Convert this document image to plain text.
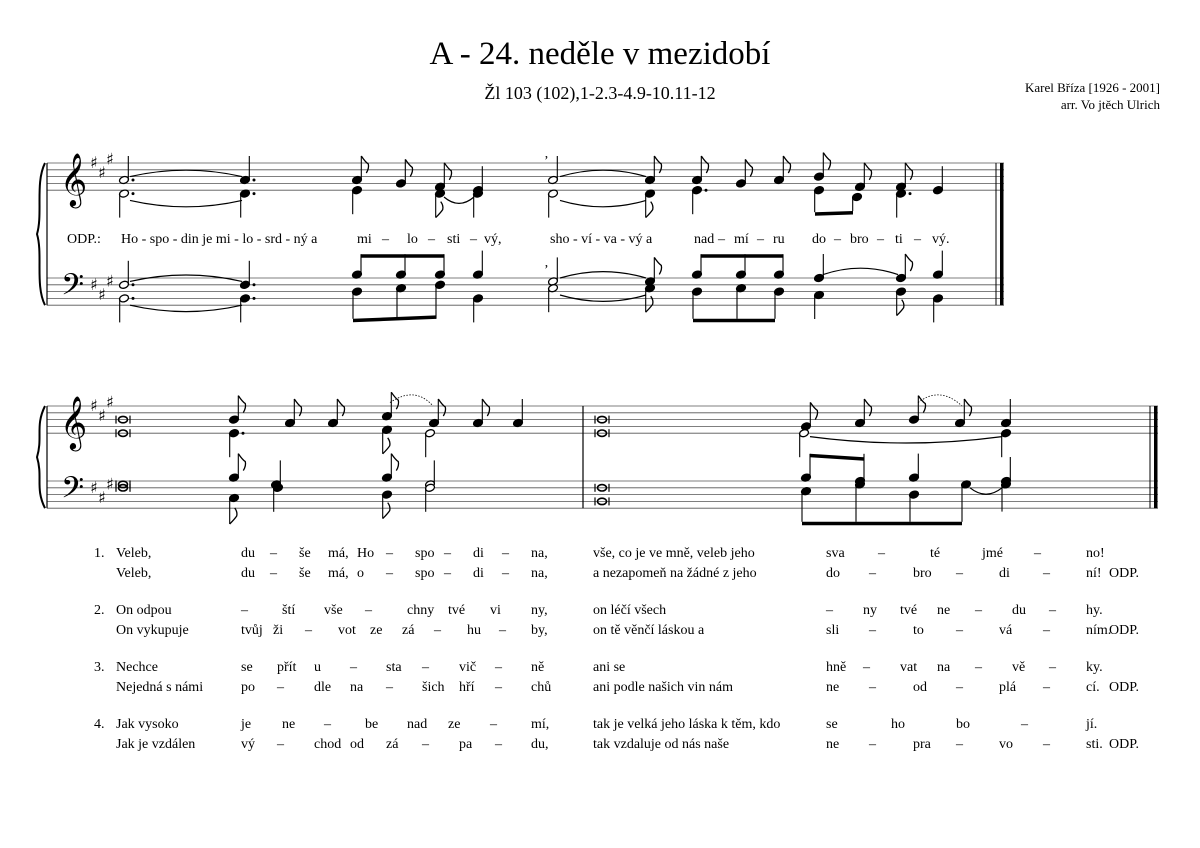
A - 24. neděle v mezidobí
Žl 103 (102),1-2.3-4.9-10.11-12	Karel Bříza [1926 - 2001]
arr. Vo jtěch Ulrich
𝄞
𝄢
♯
♯
♯
♯
♯
♯
’
’
𝄞
𝄢
♯
♯
♯
♯
♯
♯
ODP.: Ho - spo - din je mi - lo - srd - ný a	mi – lo – sti – vý,	sho - ví - va - vý a	nad – mí – ru do – bro – ti – vý.
1. Veleb,	du – še má, Ho – spo – di – na,	vše, co je ve mně, veleb jeho	sva –	té	jmé –	no!
Veleb,	du – še má, o – spo – di – na,	a nezapomeň na žádné z jeho	do –	bro –	di –	ní! ODP.
2. On odpou	– ští vše –	chny tvé vi ny,	on léčí všech	– ny tvé ne – du – hy.
On vykupuje	tvůj ži – vot ze zá – hu – by,	on tě věnčí láskou a	sli –	to –	vá –	ním.
ODP.
3. Nechce	se přít u – sta – vič – ně	ani se	hně – vat na – vě – ky.
Nejedná s námi	po – dle na – šich hří – chů	ani podle našich vin nám	ne –	od –	plá –	cí. ODP.
4. Jak vysoko	je ne – be nad ze – mí,	tak je velká jeho láska k těm, kdo	se	ho	bo	–	jí.
Jak je vzdálen	vý – chod od zá – pa – du,	tak vzdaluje od nás naše	ne –	pra –	vo –	sti. ODP.
